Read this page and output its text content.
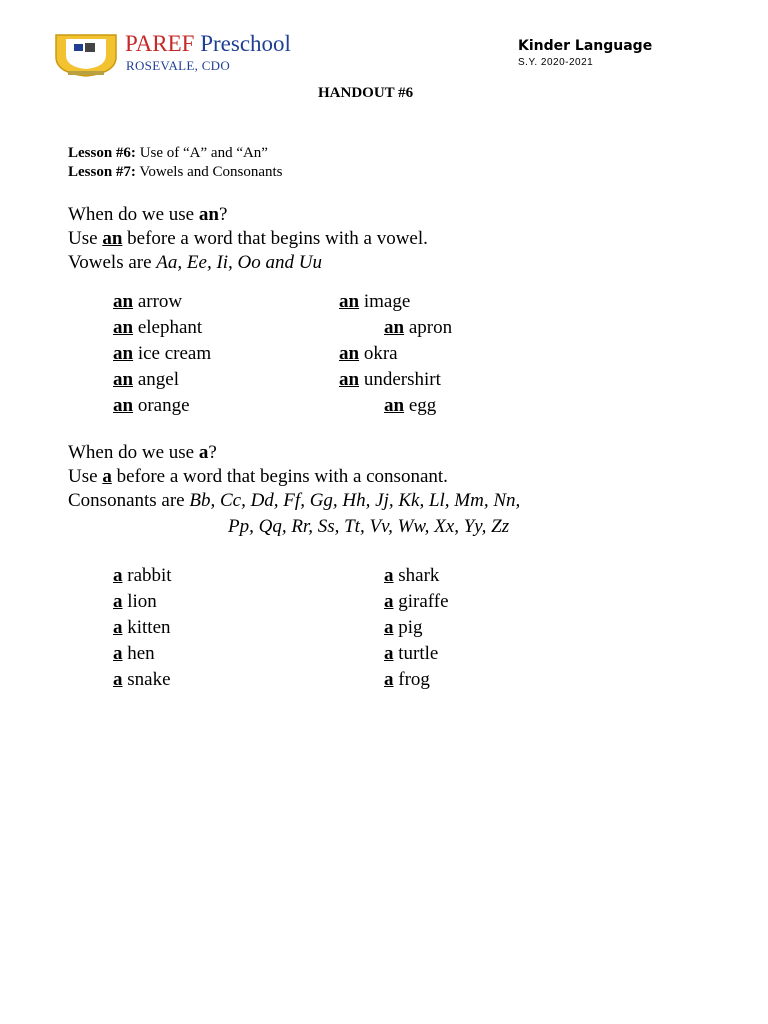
PAREF Preschool
ROSEVALE, CDO
Kinder Language
S.Y. 2020-2021
HANDOUT #6
Lesson #6: Use of “A” and “An”
Lesson #7: Vowels and Consonants
When do we use an?
Use an before a word that begins with a vowel.
Vowels are Aa, Ee, Ii, Oo and Uu
an arrow
an elephant
an ice cream
an angel
an orange
an image
an apron
an okra
an undershirt
an egg
When do we use a?
Use a before a word that begins with a consonant.
Consonants are Bb, Cc, Dd, Ff, Gg, Hh, Jj, Kk, Ll, Mm, Nn,
Pp, Qq, Rr, Ss, Tt, Vv, Ww, Xx, Yy, Zz
a rabbit
a lion
a kitten
a hen
a snake
a shark
a giraffe
a pig
a turtle
a frog
